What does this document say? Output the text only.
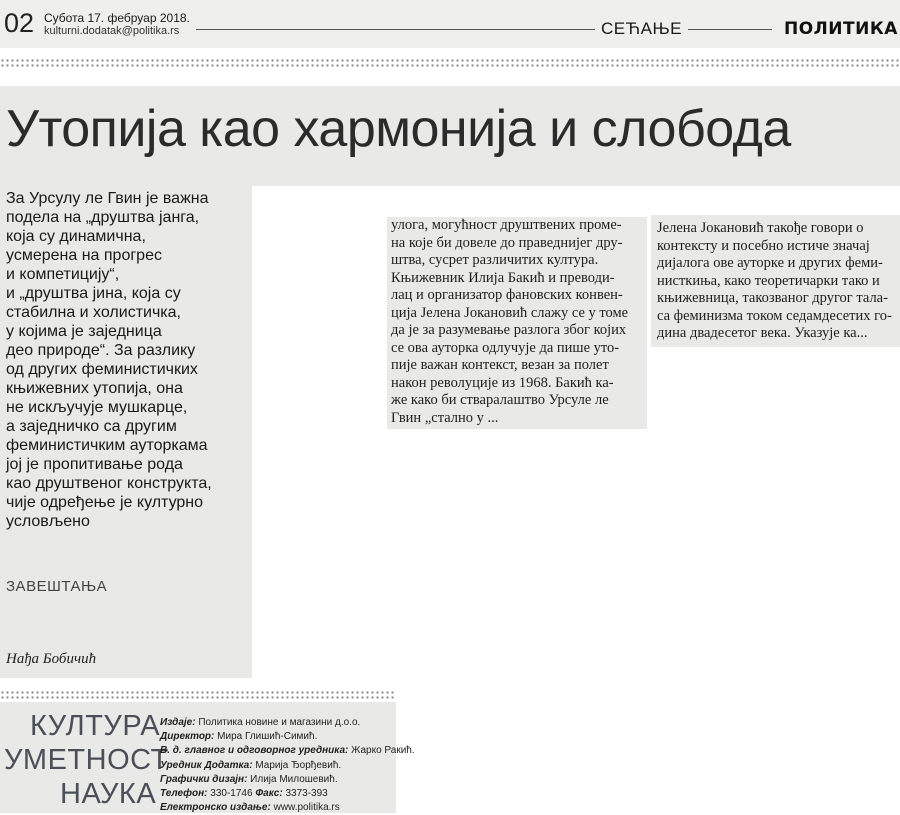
02 Субота 17. фебруар 2018.
kulturni.dodatak@politika.rs	СЕЋАЊЕ	ПОЛИТИКА
Утопија као хармонија и слобода
За Урсулу ле Гвин је важна
подела на „друштва јанга,
која су динамична,
усмерена на прогрес
и компетицију“,
и „друштва јина, која су
стабилна и холистичка,
у којима је заједница
део природе“. За разлику
од других феминистичких
књижевних утопија, она
не искључује мушкарце,
а заједничко са другим
феминистичким ауторкама
јој је пропитивање рода
као друштвеног конструкта,
чије одређење је културно
условљено
ЗАВЕШТАЊА
Нађа Бобичић
улога, могућност друштвених проме-
на које би довеле до праведнијег дру-
штва, сусрет различитих култура.
Књижевник Илија Бакић и преводи-
лац и организатор фановских конвен-
ција Јелена Јокановић слажу се у томе
да је за разумевање разлога због којих
се ова ауторка одлучује да пише уто-
пије важан контекст, везан за полет
након револуције из 1968. Бакић ка-
же како би стваралаштво Урсуле ле
Гвин „стално у ...
Јелена Јокановић такође говори о
контексту и посебно истиче значај
дијалога ове ауторке и других феми-
нисткиња, како теоретичарки тако и
књижевница, такозваног другог тала-
са феминизма током седамдесетих го-
дина двадесетог века. Указује ка...
КУЛТУРА
УМЕТНОСТ
НАУКА
Издаје: Политика новине и магазини д.о.о.
Директор: Мира Глишић-Симић.
В. д. главног и одговорног уредника: Жарко Ракић.
Уредник Додатка: Марија Ђорђевић.
Графички дизајн: Илија Милошевић.
Телефон: 330-1746 Факс: 3373-393
Електронско издање: www.politika.rs
